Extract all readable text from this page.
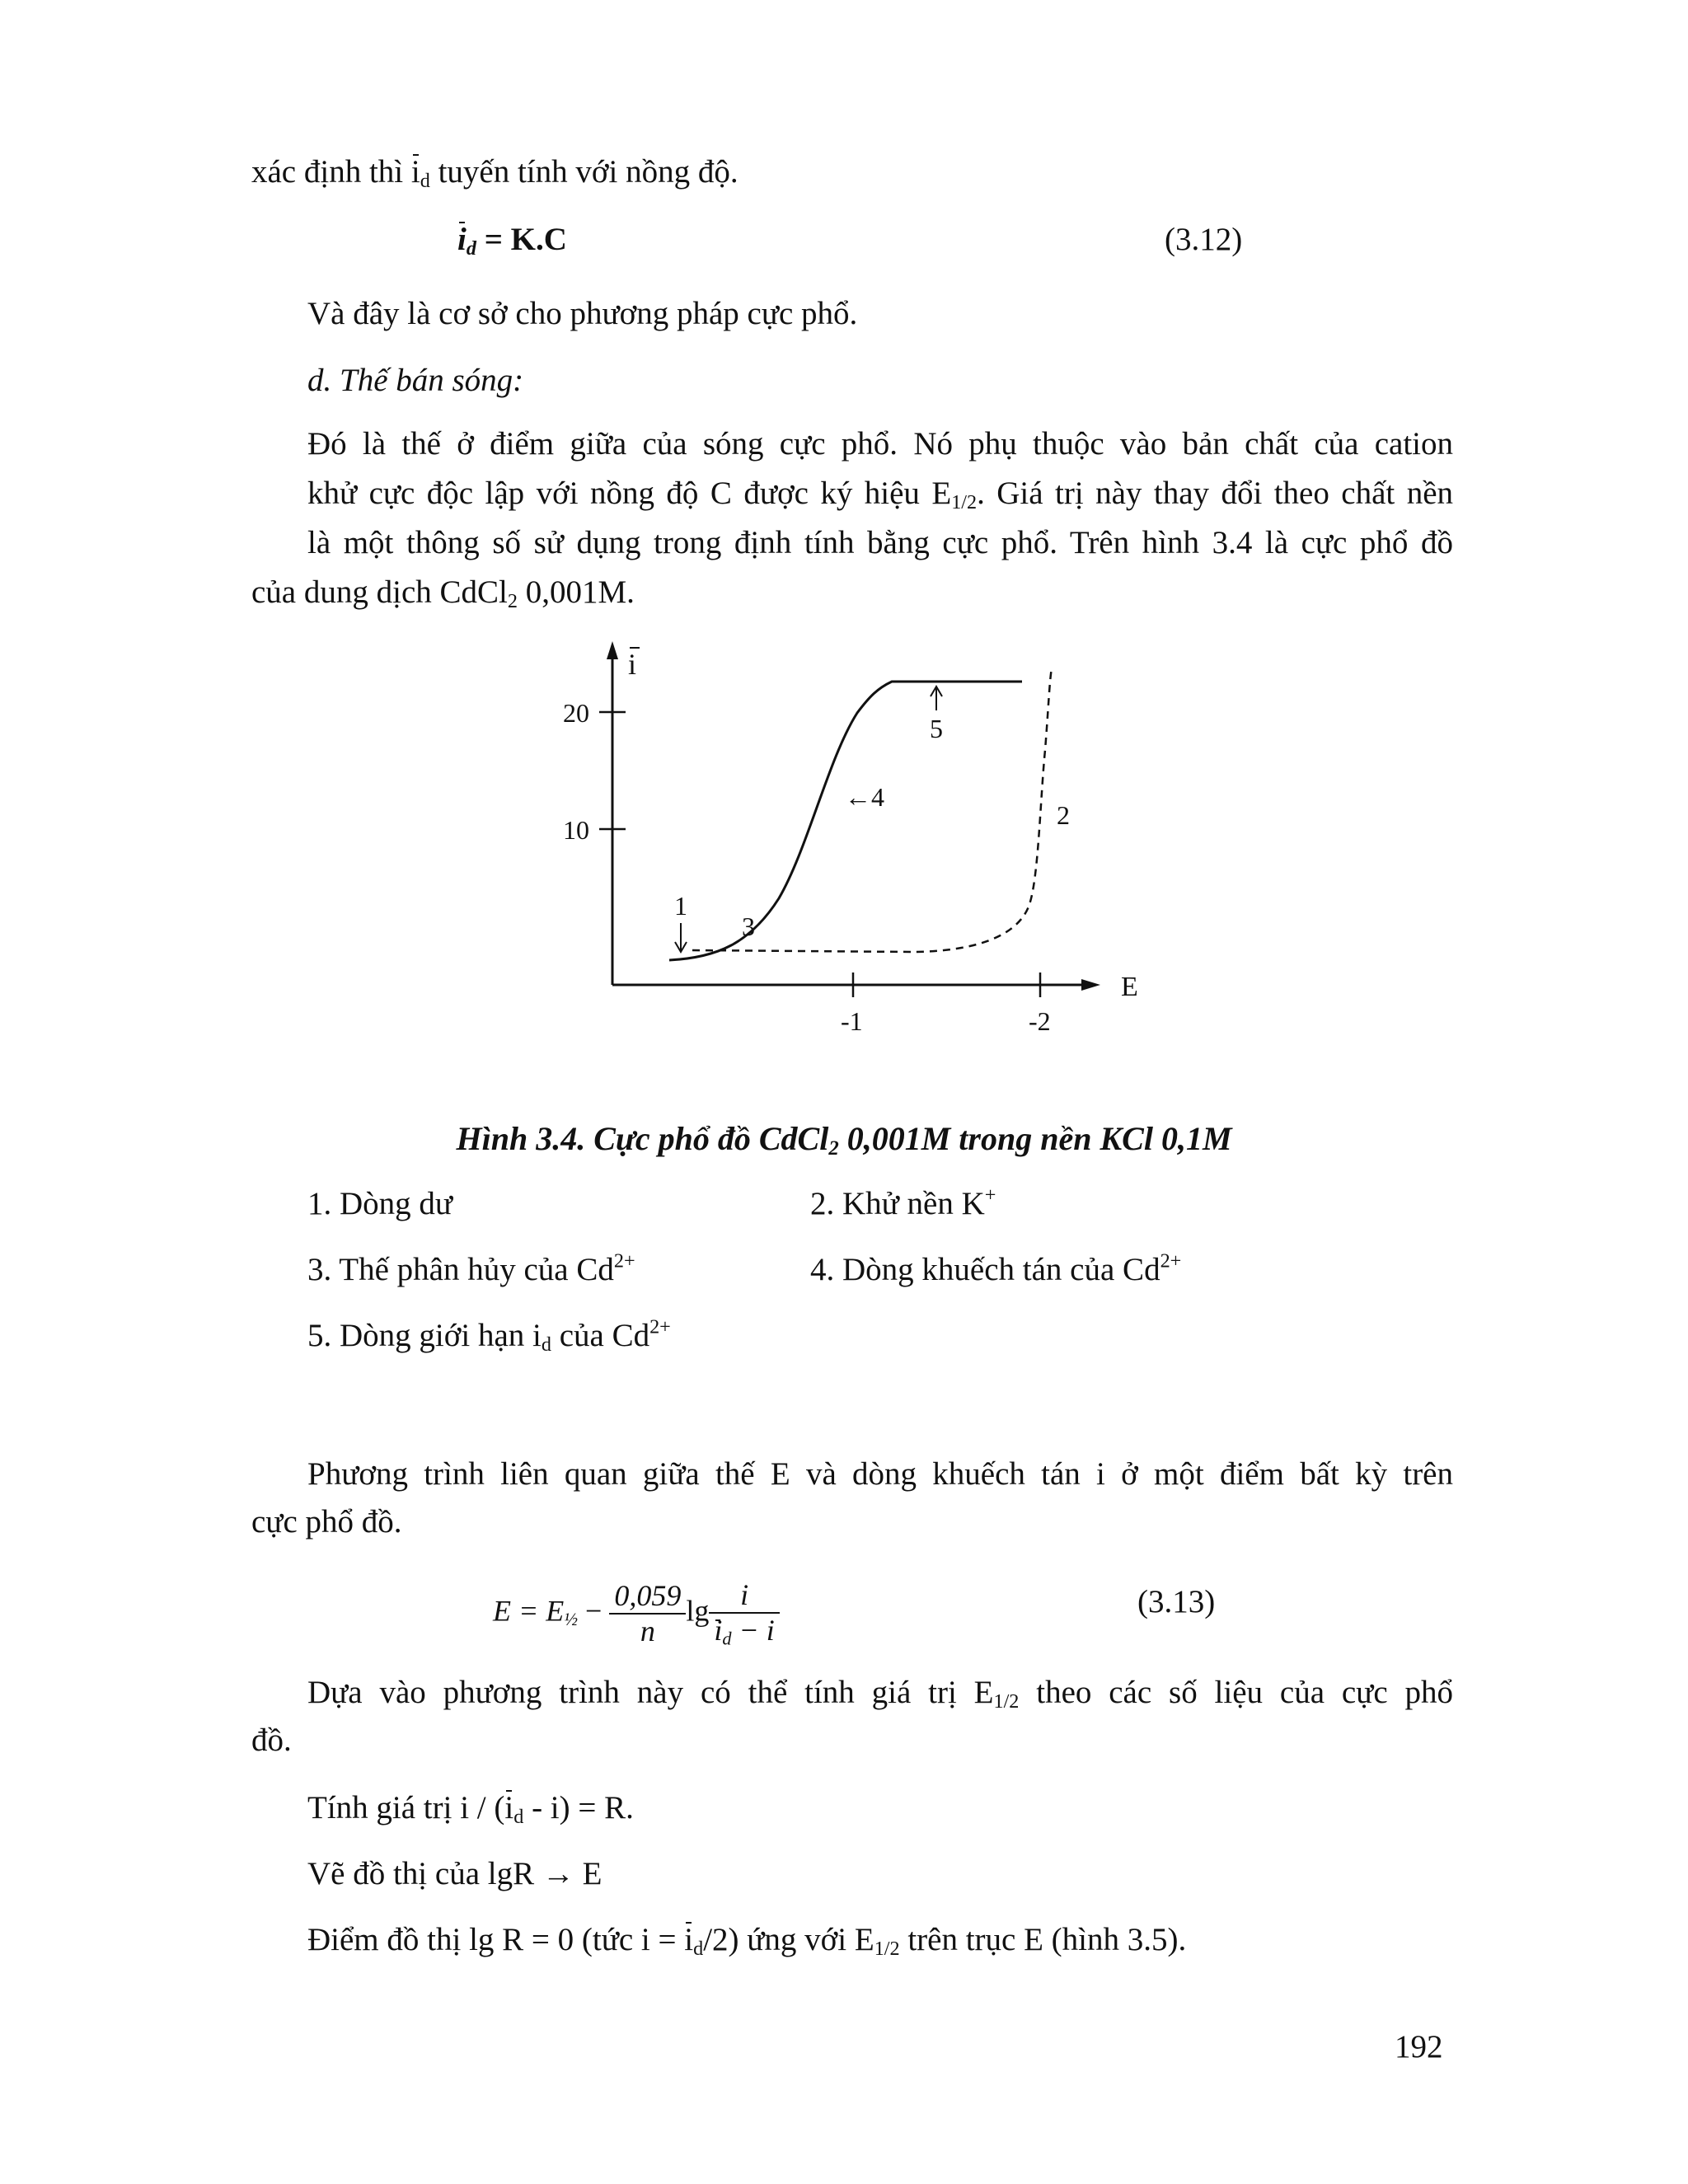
xác định thì $i_d$ tuyến tính với nồng độ.
$i_d = K.C$	(3.12)
Và đây là cơ sở cho phương pháp cực phổ.
d. Thế bán sóng:
Đó là thế ở điểm giữa của sóng cực phổ. Nó phụ thuộc vào bản chất của cation
khử cực độc lập với nồng độ C được ký hiệu $E_{1/2}$. Giá trị này thay đổi theo chất nền
là một thông số sử dụng trong định tính bằng cực phổ. Trên hình 3.4 là cực phổ đồ
của dung dịch CdCl$_2$ 0,001M.
i
20
10
-1	-2
E
1
2
3
←4
5
Hình 3.4. Cực phổ đồ CdCl$_2$ 0,001M trong nền KCl 0,1M
1. Dòng dư	2. Khử nền K+
3. Thế phân hủy của $Cd^{2+}$	4. Dòng khuếch tán của $Cd^{2+}$
5. Dòng giới hạn $i_d$ của $Cd^{2+}$
Phương trình liên quan giữa thế E và dòng khuếch tán i ở một điểm bất kỳ trên
cực phổ đồ.
$E = E_{\frac{1}{2}} - \frac{0,059}{n}$ $\lg \frac{i}{i_d - i}$	(3.13)
Dựa vào phương trình này có thể tính giá trị $E_{1/2}$ theo các số liệu của cực phổ
đồ.
Tính giá trị $i / (i_d - i) = R$.
Vẽ đồ thị của lgR → E
Điểm đồ thị lg R = 0 (tức $i = i_d/2$) ứng với $E_{1/2}$ trên trục E (hình 3.5).
192
